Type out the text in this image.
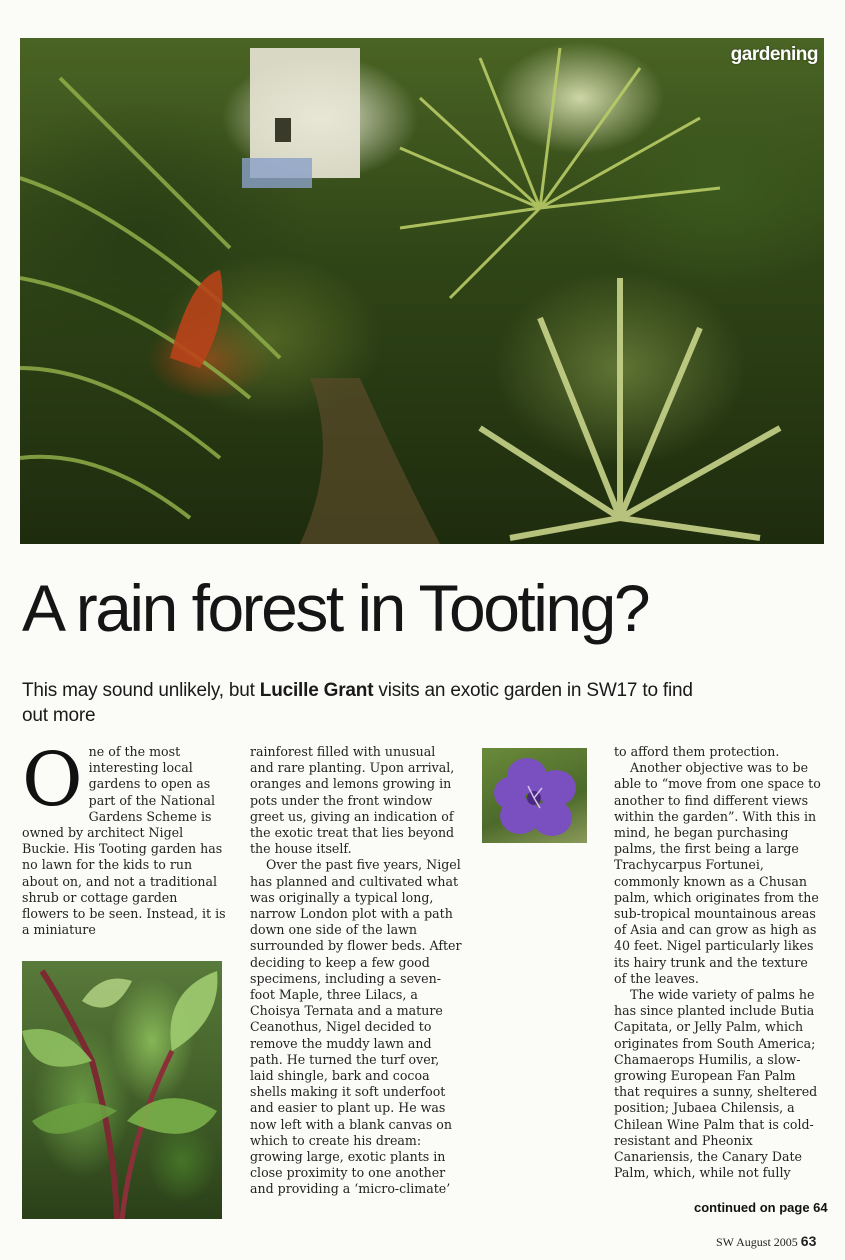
gardening
A rain forest in Tooting?

This may sound unlikely, but Lucille Grant visits an exotic garden in SW17 to find out more

O ne of the most interesting local gardens to open as part of the National Gardens Scheme is owned by architect Nigel Buckie. His Tooting garden has no lawn for the kids to run about on, and not a traditional shrub or cottage garden flowers to be seen. Instead, it is a miniature

rainforest filled with unusual and rare planting. Upon arrival, oranges and lemons growing in pots under the front window greet us, giving an indication of the exotic treat that lies beyond the house itself.

Over the past five years, Nigel has planned and cultivated what was originally a typical long, narrow London plot with a path down one side of the lawn surrounded by flower beds. After deciding to keep a few good specimens, including a seven-foot Maple, three Lilacs, a Choisya Ternata and a mature Ceanothus, Nigel decided to remove the muddy lawn and path. He turned the turf over, laid shingle, bark and cocoa shells making it soft underfoot and easier to plant up. He was now left with a blank canvas on which to create his dream: growing large, exotic plants in close proximity to one another and providing a ‘micro-climate’

to afford them protection.

Another objective was to be able to “move from one space to another to find different views within the garden”. With this in mind, he began purchasing palms, the first being a large Trachycarpus Fortunei, commonly known as a Chusan palm, which originates from the sub-tropical mountainous areas of Asia and can grow as high as 40 feet. Nigel particularly likes its hairy trunk and the texture of the leaves.

The wide variety of palms he has since planted include Butia Capitata, or Jelly Palm, which originates from South America; Chamaerops Humilis, a slow-growing European Fan Palm that requires a sunny, sheltered position; Jubaea Chilensis, a Chilean Wine Palm that is cold-resistant and Pheonix Canariensis, the Canary Date Palm, which, while not fully

continued on page 64
SW August 2005 63
